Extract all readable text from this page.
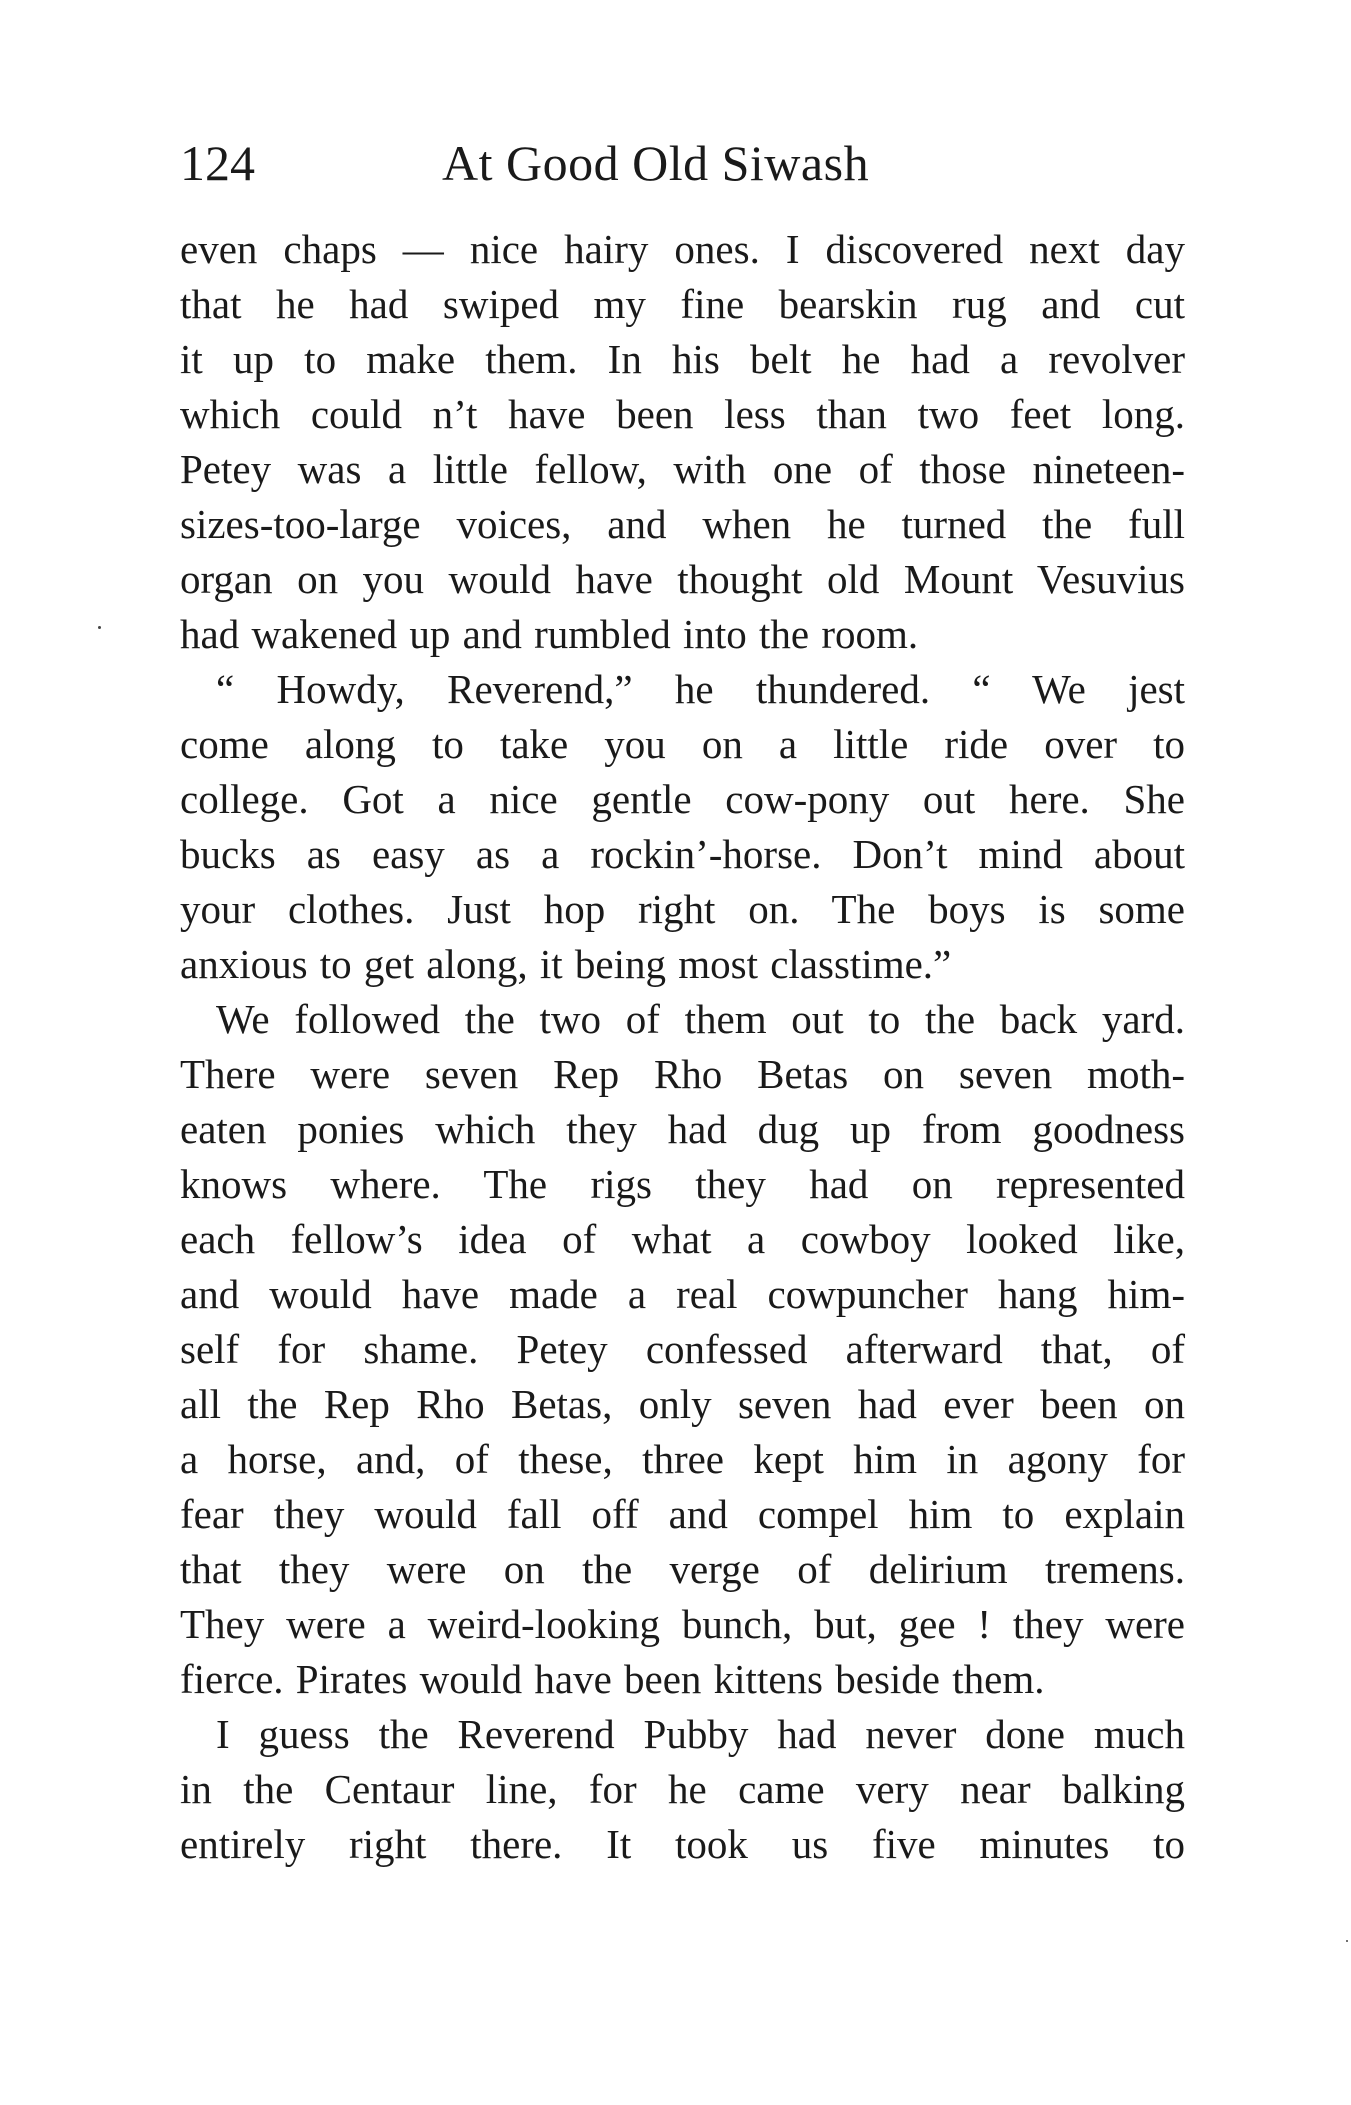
124	At Good Old Siwash
even chaps — nice hairy ones. I discovered next day
that he had swiped my fine bearskin rug and cut
it up to make them. In his belt he had a revolver
which could n’t have been less than two feet long.
Petey was a little fellow, with one of those nineteen-
sizes-too-large voices, and when he turned the full
organ on you would have thought old Mount Vesuvius
had wakened up and rumbled into the room.
“ Howdy, Reverend,” he thundered. “ We jest
come along to take you on a little ride over to
college. Got a nice gentle cow-pony out here. She
bucks as easy as a rockin’-horse. Don’t mind about
your clothes. Just hop right on. The boys is some
anxious to get along, it being most classtime.”
We followed the two of them out to the back yard.
There were seven Rep Rho Betas on seven moth-
eaten ponies which they had dug up from goodness
knows where. The rigs they had on represented
each fellow’s idea of what a cowboy looked like,
and would have made a real cowpuncher hang him-
self for shame. Petey confessed afterward that, of
all the Rep Rho Betas, only seven had ever been on
a horse, and, of these, three kept him in agony for
fear they would fall off and compel him to explain
that they were on the verge of delirium tremens.
They were a weird-looking bunch, but, gee ! they were
fierce. Pirates would have been kittens beside them.
I guess the Reverend Pubby had never done much
in the Centaur line, for he came very near balking
entirely right there. It took us five minutes to
